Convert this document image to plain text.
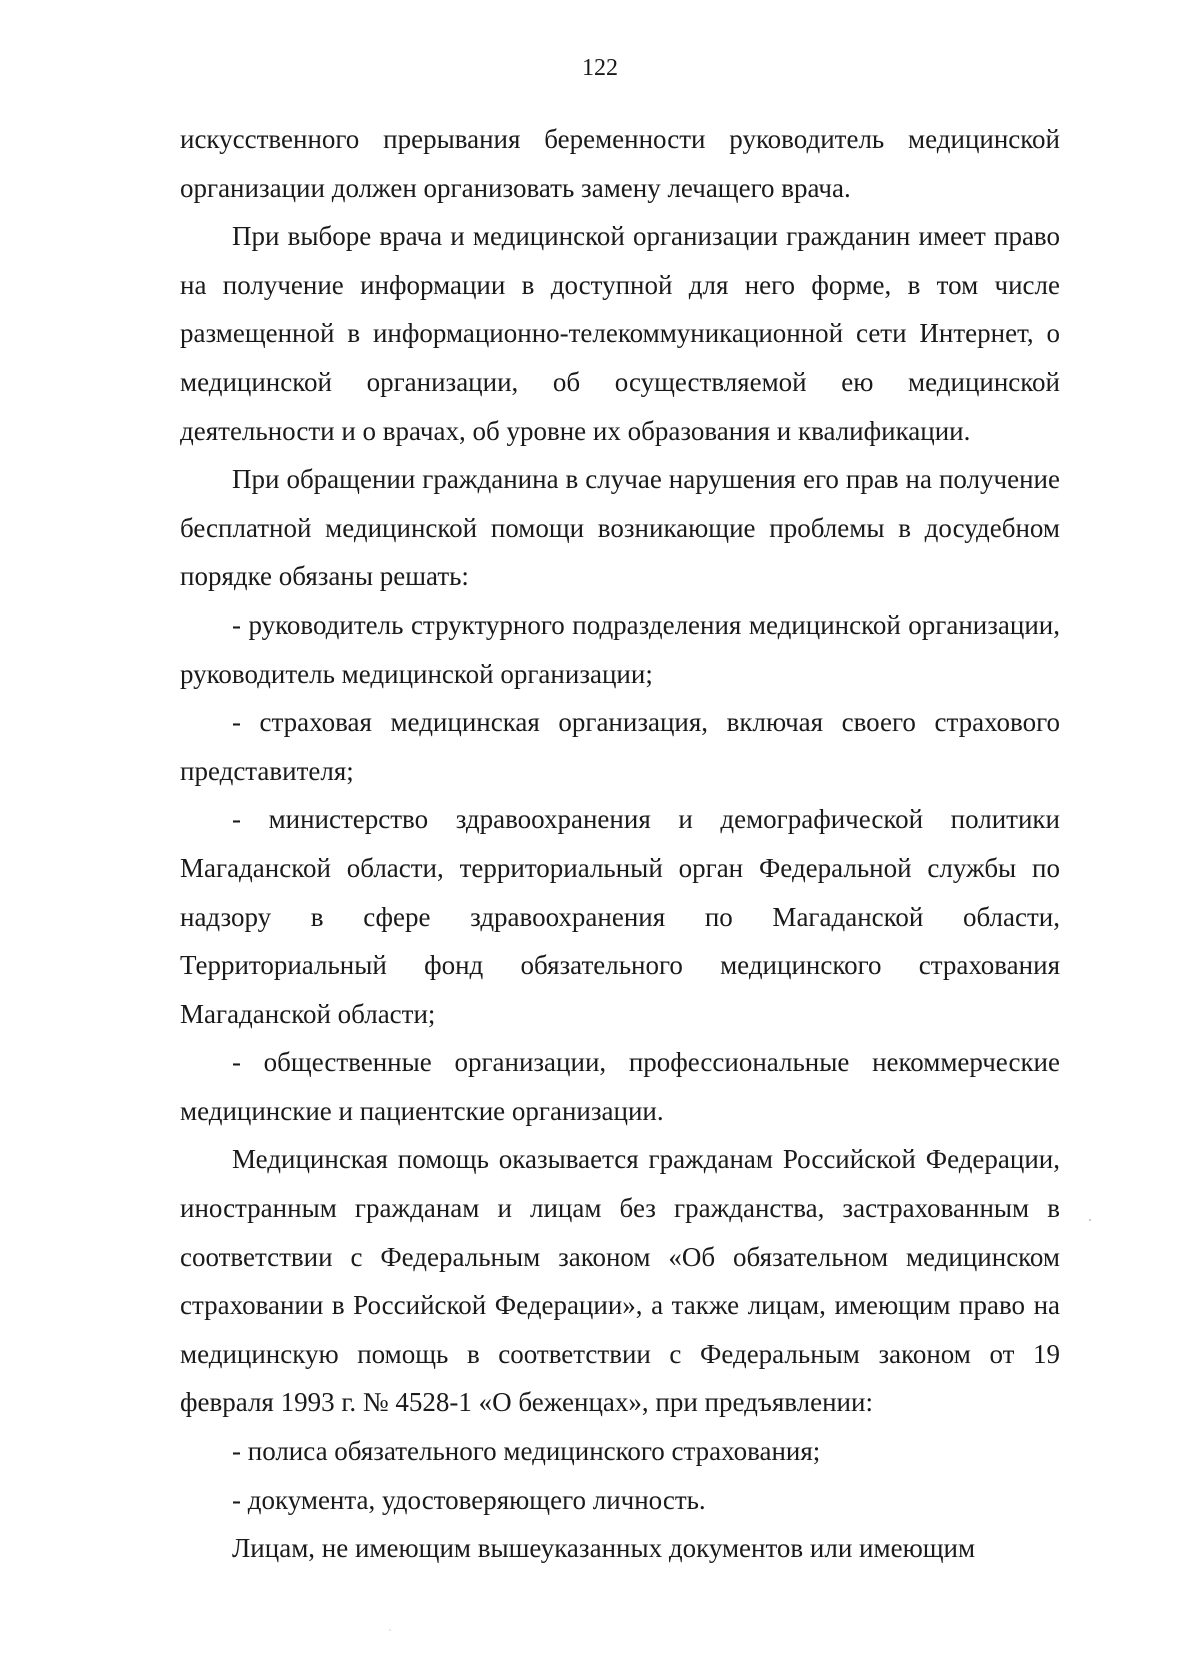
122

искусственного прерывания беременности руководитель медицинской организации должен организовать замену лечащего врача.

При выборе врача и медицинской организации гражданин имеет право на получение информации в доступной для него форме, в том числе размещенной в информационно-телекоммуникационной сети Интернет, о медицинской организации, об осуществляемой ею медицинской деятельности и о врачах, об уровне их образования и квалификации.

При обращении гражданина в случае нарушения его прав на получение бесплатной медицинской помощи возникающие проблемы в досудебном порядке обязаны решать:

- руководитель структурного подразделения медицинской организации, руководитель медицинской организации;

- страховая медицинская организация, включая своего страхового представителя;

- министерство здравоохранения и демографической политики Магаданской области, территориальный орган Федеральной службы по надзору в сфере здравоохранения по Магаданской области, Территориальный фонд обязательного медицинского страхования Магаданской области;

- общественные организации, профессиональные некоммерческие медицинские и пациентские организации.

Медицинская помощь оказывается гражданам Российской Федерации, иностранным гражданам и лицам без гражданства, застрахованным в соответствии с Федеральным законом «Об обязательном медицинском страховании в Российской Федерации», а также лицам, имеющим право на медицинскую помощь в соответствии с Федеральным законом от 19 февраля 1993 г. № 4528-1 «О беженцах», при предъявлении:

- полиса обязательного медицинского страхования;

- документа, удостоверяющего личность.

Лицам, не имеющим вышеуказанных документов или имеющим
